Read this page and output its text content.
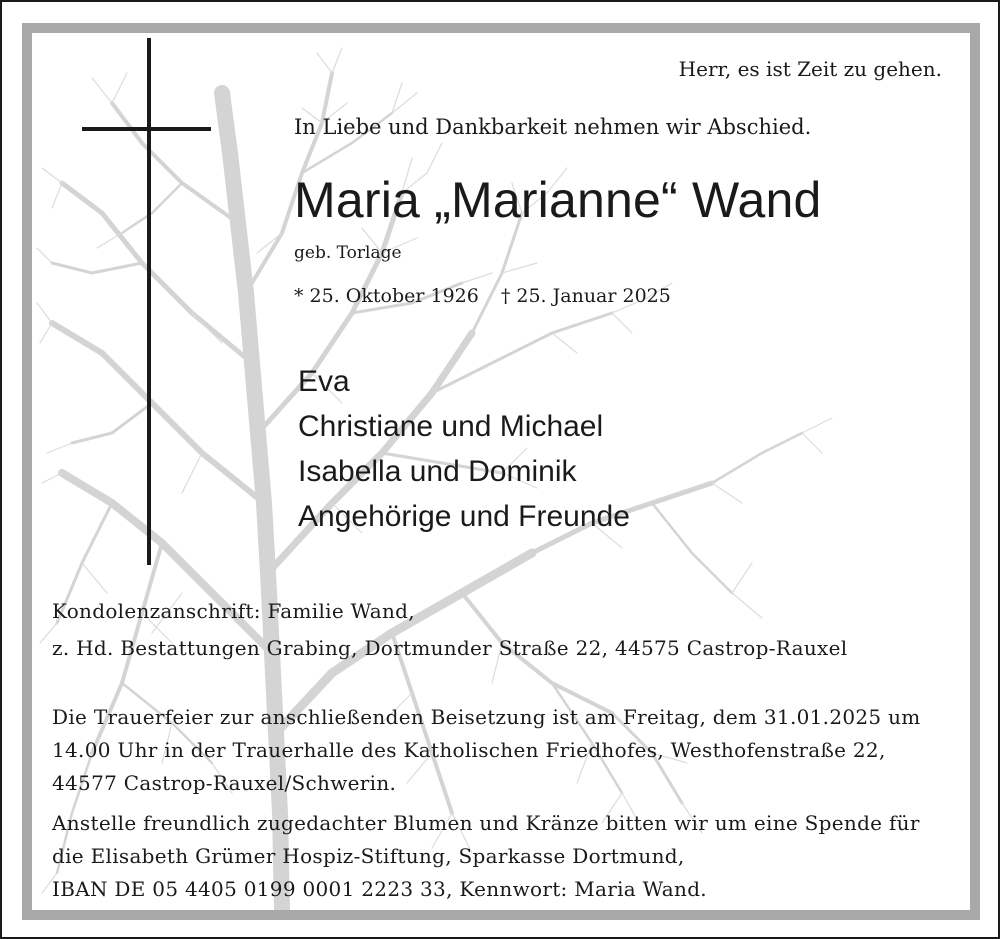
Herr, es ist Zeit zu gehen.

In Liebe und Dankbarkeit nehmen wir Abschied.

Maria „Marianne“ Wand

geb. Torlage

* 25. Oktober 1926 † 25. Januar 2025

Eva

Christiane und Michael

Isabella und Dominik

Angehörige und Freunde

Kondolenzanschrift: Familie Wand,

z. Hd. Bestattungen Grabing, Dortmunder Straße 22, 44575 Castrop-Rauxel

Die Trauerfeier zur anschließenden Beisetzung ist am Freitag, dem 31.01.2025 um

14.00 Uhr in der Trauerhalle des Katholischen Friedhofes, Westhofenstraße 22,

44577 Castrop-Rauxel/Schwerin.

Anstelle freundlich zugedachter Blumen und Kränze bitten wir um eine Spende für

die Elisabeth Grümer Hospiz-Stiftung, Sparkasse Dortmund,

IBAN DE 05 4405 0199 0001 2223 33, Kennwort: Maria Wand.
